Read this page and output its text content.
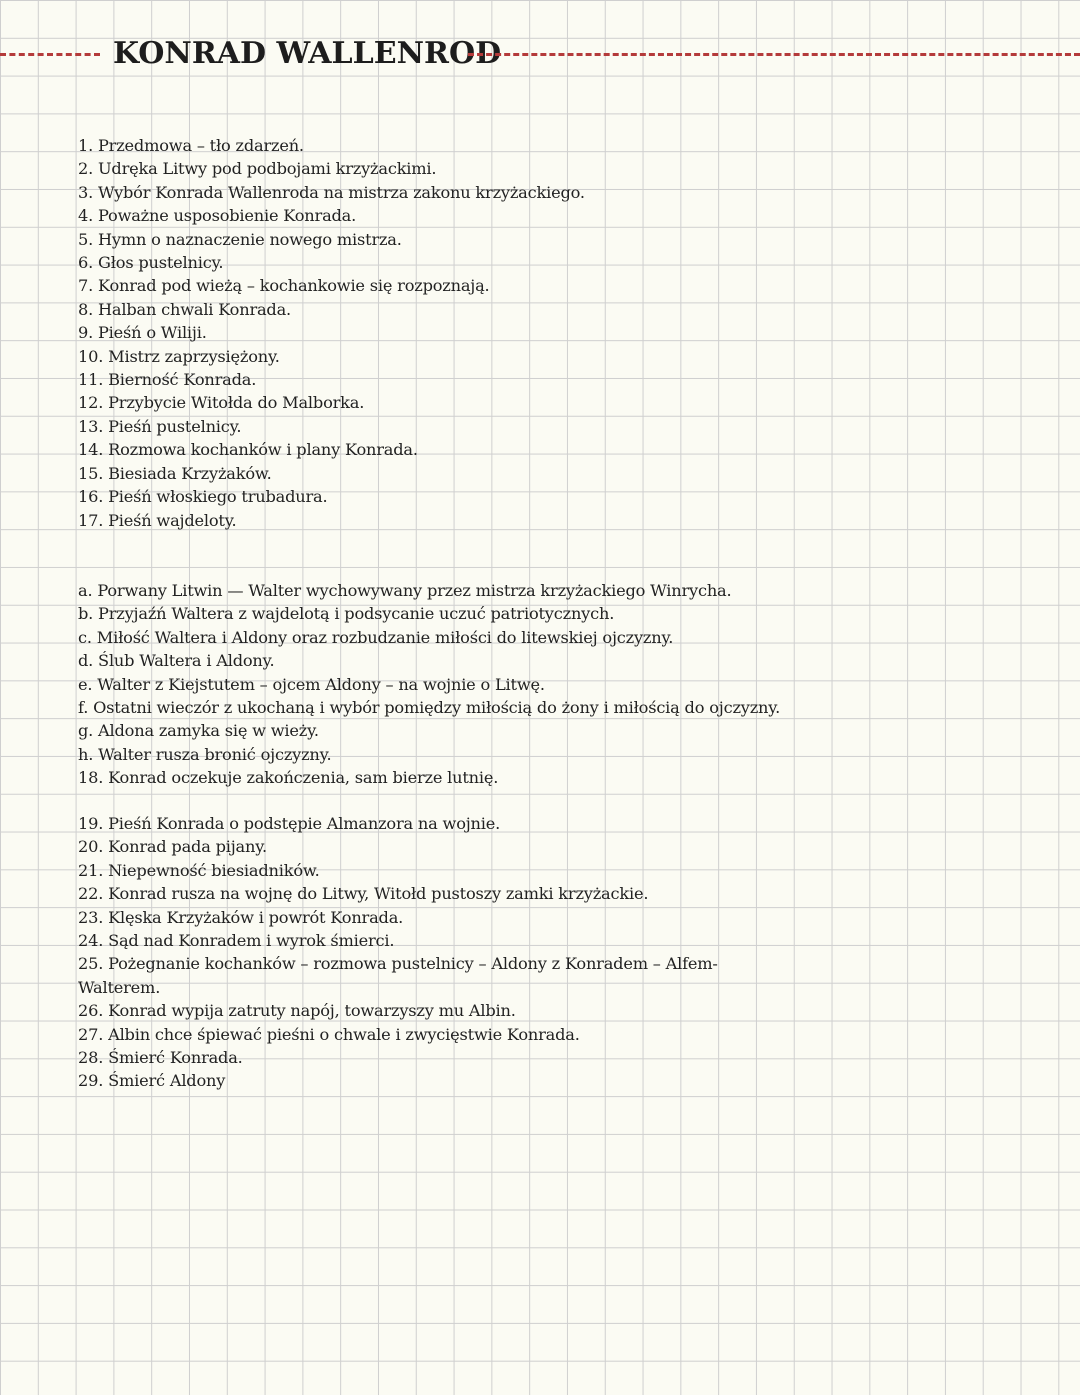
KONRAD WALLENROD
1. Przedmowa – tło zdarzeń.
2. Udręka Litwy pod podbojami krzyżackimi.
3. Wybór Konrada Wallenroda na mistrza zakonu krzyżackiego.
4. Poważne usposobienie Konrada.
5. Hymn o naznaczenie nowego mistrza.
6. Głos pustelnicy.
7. Konrad pod wieżą – kochankowie się rozpoznają.
8. Halban chwali Konrada.
9. Pieśń o Wiliji.
10. Mistrz zaprzysiężony.
11. Bierność Konrada.
12. Przybycie Witołda do Malborka.
13. Pieśń pustelnicy.
14. Rozmowa kochanków i plany Konrada.
15. Biesiada Krzyżaków.
16. Pieśń włoskiego trubadura.
17. Pieśń wajdeloty.
a. Porwany Litwin — Walter wychowywany przez mistrza krzyżackiego Winrycha.
b. Przyjaźń Waltera z wajdelotą i podsycanie uczuć patriotycznych.
c. Miłość Waltera i Aldony oraz rozbudzanie miłości do litewskiej ojczyzny.
d. Ślub Waltera i Aldony.
e. Walter z Kiejstutem – ojcem Aldony – na wojnie o Litwę.
f. Ostatni wieczór z ukochaną i wybór pomiędzy miłością do żony i miłością do ojczyzny.
g. Aldona zamyka się w wieży.
h. Walter rusza bronić ojczyzny.
18. Konrad oczekuje zakończenia, sam bierze lutnię.
19. Pieśń Konrada o podstępie Almanzora na wojnie.
20. Konrad pada pijany.
21. Niepewność biesiadników.
22. Konrad rusza na wojnę do Litwy, Witołd pustoszy zamki krzyżackie.
23. Klęska Krzyżaków i powrót Konrada.
24. Sąd nad Konradem i wyrok śmierci.
25. Pożegnanie kochanków – rozmowa pustelnicy – Aldony z Konradem – Alfem-Walterem.
26. Konrad wypija zatruty napój, towarzyszy mu Albin.
27. Albin chce śpiewać pieśni o chwale i zwycięstwie Konrada.
28. Śmierć Konrada.
29. Śmierć Aldony
